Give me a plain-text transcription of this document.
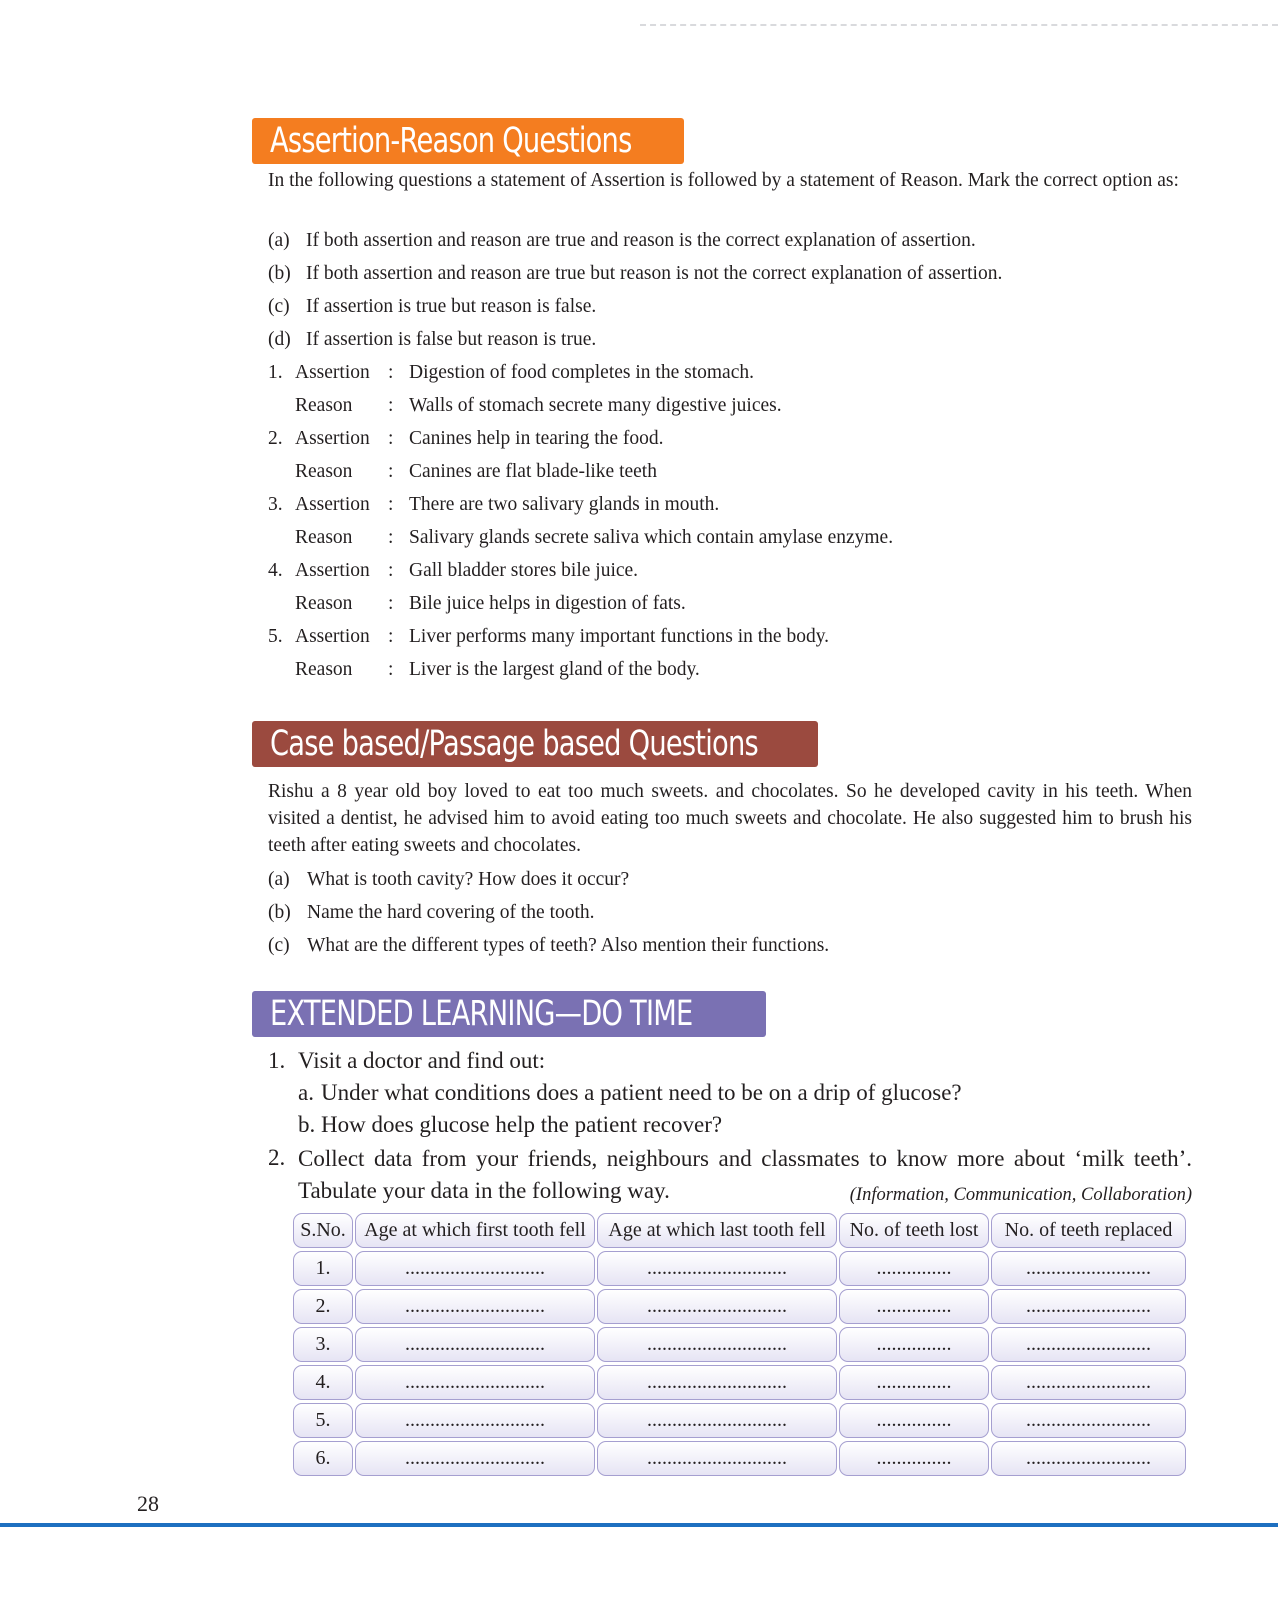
Assertion-Reason Questions
In the following questions a statement of Assertion is followed by a statement of Reason. Mark the correct option as:
(a) If both assertion and reason are true and reason is the correct explanation of assertion.
(b) If both assertion and reason are true but reason is not the correct explanation of assertion.
(c) If assertion is true but reason is false.
(d) If assertion is false but reason is true.
1. Assertion : Digestion of food completes in the stomach.
Reason : Walls of stomach secrete many digestive juices.
2. Assertion : Canines help in tearing the food.
Reason : Canines are flat blade-like teeth
3. Assertion : There are two salivary glands in mouth.
Reason : Salivary glands secrete saliva which contain amylase enzyme.
4. Assertion : Gall bladder stores bile juice.
Reason : Bile juice helps in digestion of fats.
5. Assertion : Liver performs many important functions in the body.
Reason : Liver is the largest gland of the body.
Case based/Passage based Questions
Rishu a 8 year old boy loved to eat too much sweets. and chocolates. So he developed cavity in his teeth. When visited a dentist, he advised him to avoid eating too much sweets and chocolate. He also suggested him to brush his teeth after eating sweets and chocolates.
(a) What is tooth cavity? How does it occur?
(b) Name the hard covering of the tooth.
(c) What are the different types of teeth? Also mention their functions.
EXTENDED LEARNING—DO TIME
1. Visit a doctor and find out:
a. Under what conditions does a patient need to be on a drip of glucose?
b. How does glucose help the patient recover?
2. Collect data from your friends, neighbours and classmates to know more about ‘milk teeth’. Tabulate your data in the following way.	(Information, Communication, Collaboration)
S.No. Age at which first tooth fell	Age at which last tooth fell	No. of teeth lost	No. of teeth replaced
1.	............................	............................	...............	.........................
2.	............................	............................	...............	.........................
3.	............................	............................	...............	.........................
4.	............................	............................	...............	.........................
5.	............................	............................	...............	.........................
6.	............................	............................	...............	.........................
28
